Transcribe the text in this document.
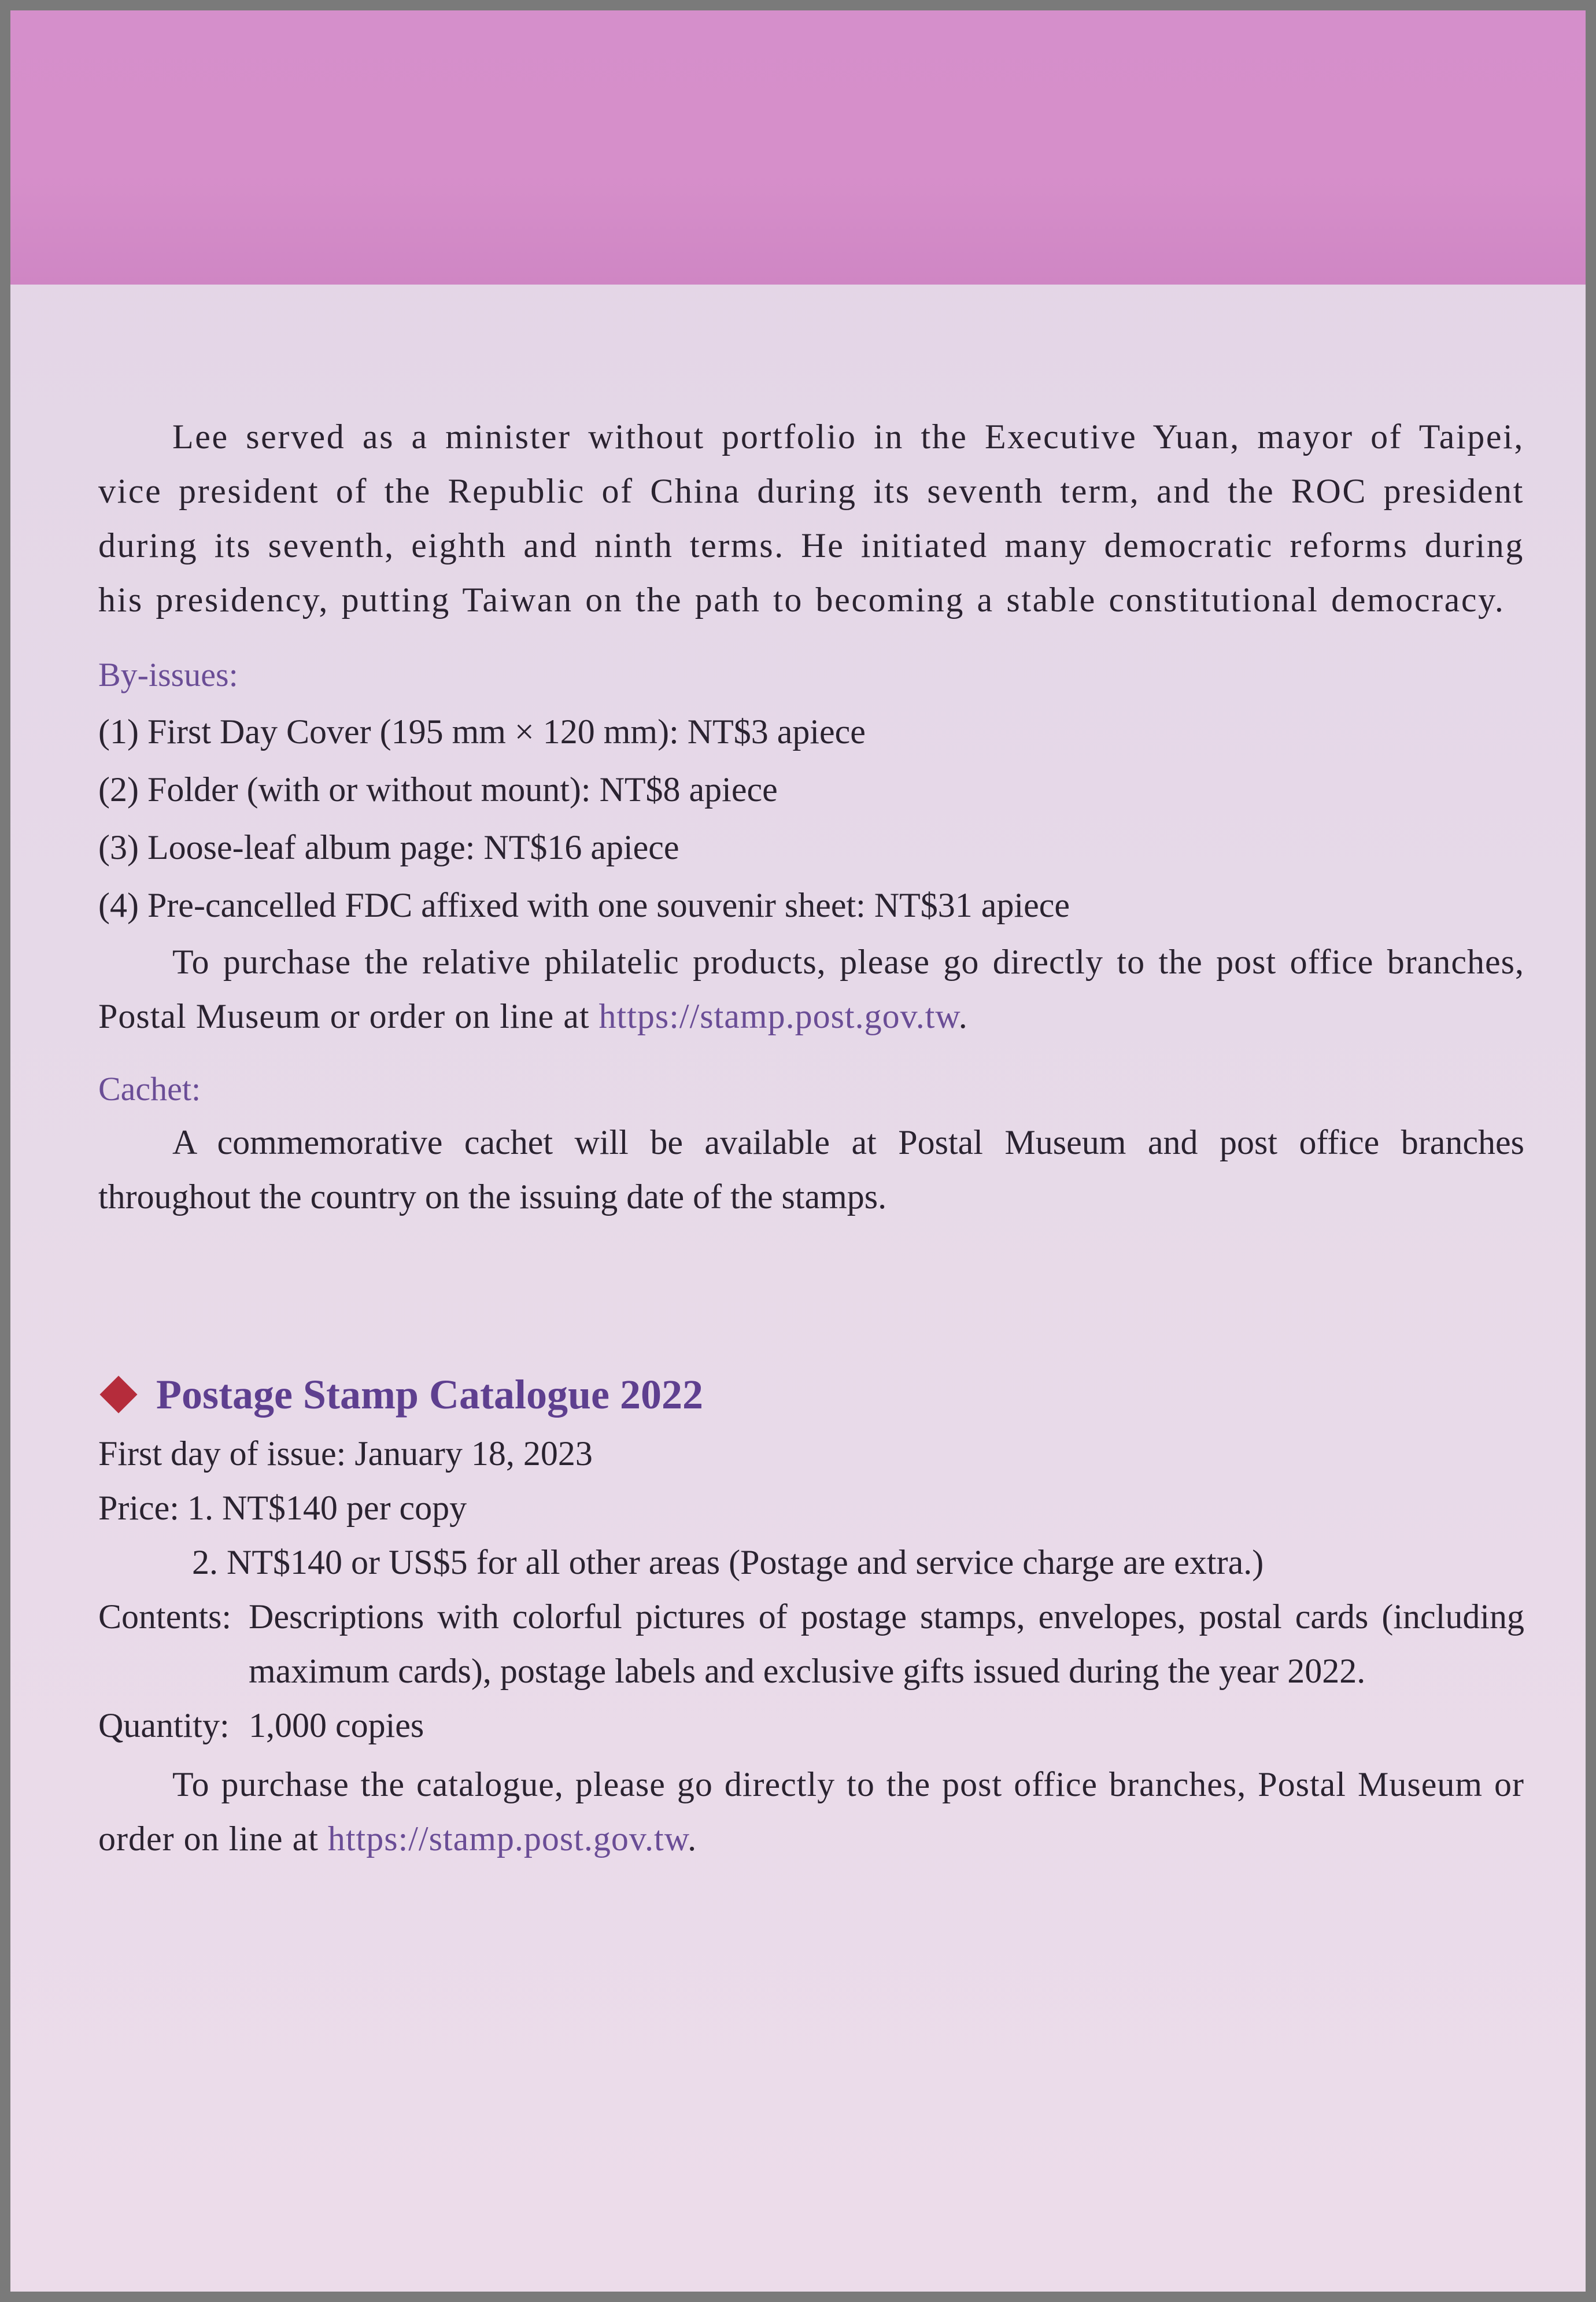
Lee served as a minister without portfolio in the Executive Yuan, mayor of Taipei, vice president of the Republic of China during its seventh term, and the ROC president during its seventh, eighth and ninth terms. He initiated many democratic reforms during his presidency, putting Taiwan on the path to becoming a stable constitutional democracy.

By-issues:

(1) First Day Cover (195 mm × 120 mm): NT$3 apiece

(2) Folder (with or without mount): NT$8 apiece

(3) Loose-leaf album page: NT$16 apiece

(4) Pre-cancelled FDC affixed with one souvenir sheet: NT$31 apiece

To purchase the relative philatelic products, please go directly to the post office branches, Postal Museum or order on line at https://stamp.post.gov.tw.

Cachet:

A commemorative cachet will be available at Postal Museum and post office branches throughout the country on the issuing date of the stamps.

Postage Stamp Catalogue 2022

First day of issue: January 18, 2023

Price: 1. NT$140 per copy

2. NT$140 or US$5 for all other areas (Postage and service charge are extra.)

Contents: Descriptions with colorful pictures of postage stamps, envelopes, postal cards (including maximum cards), postage labels and exclusive gifts issued during the year 2022.
Quantity: 1,000 copies

To purchase the catalogue, please go directly to the post office branches, Postal Museum or order on line at https://stamp.post.gov.tw.
